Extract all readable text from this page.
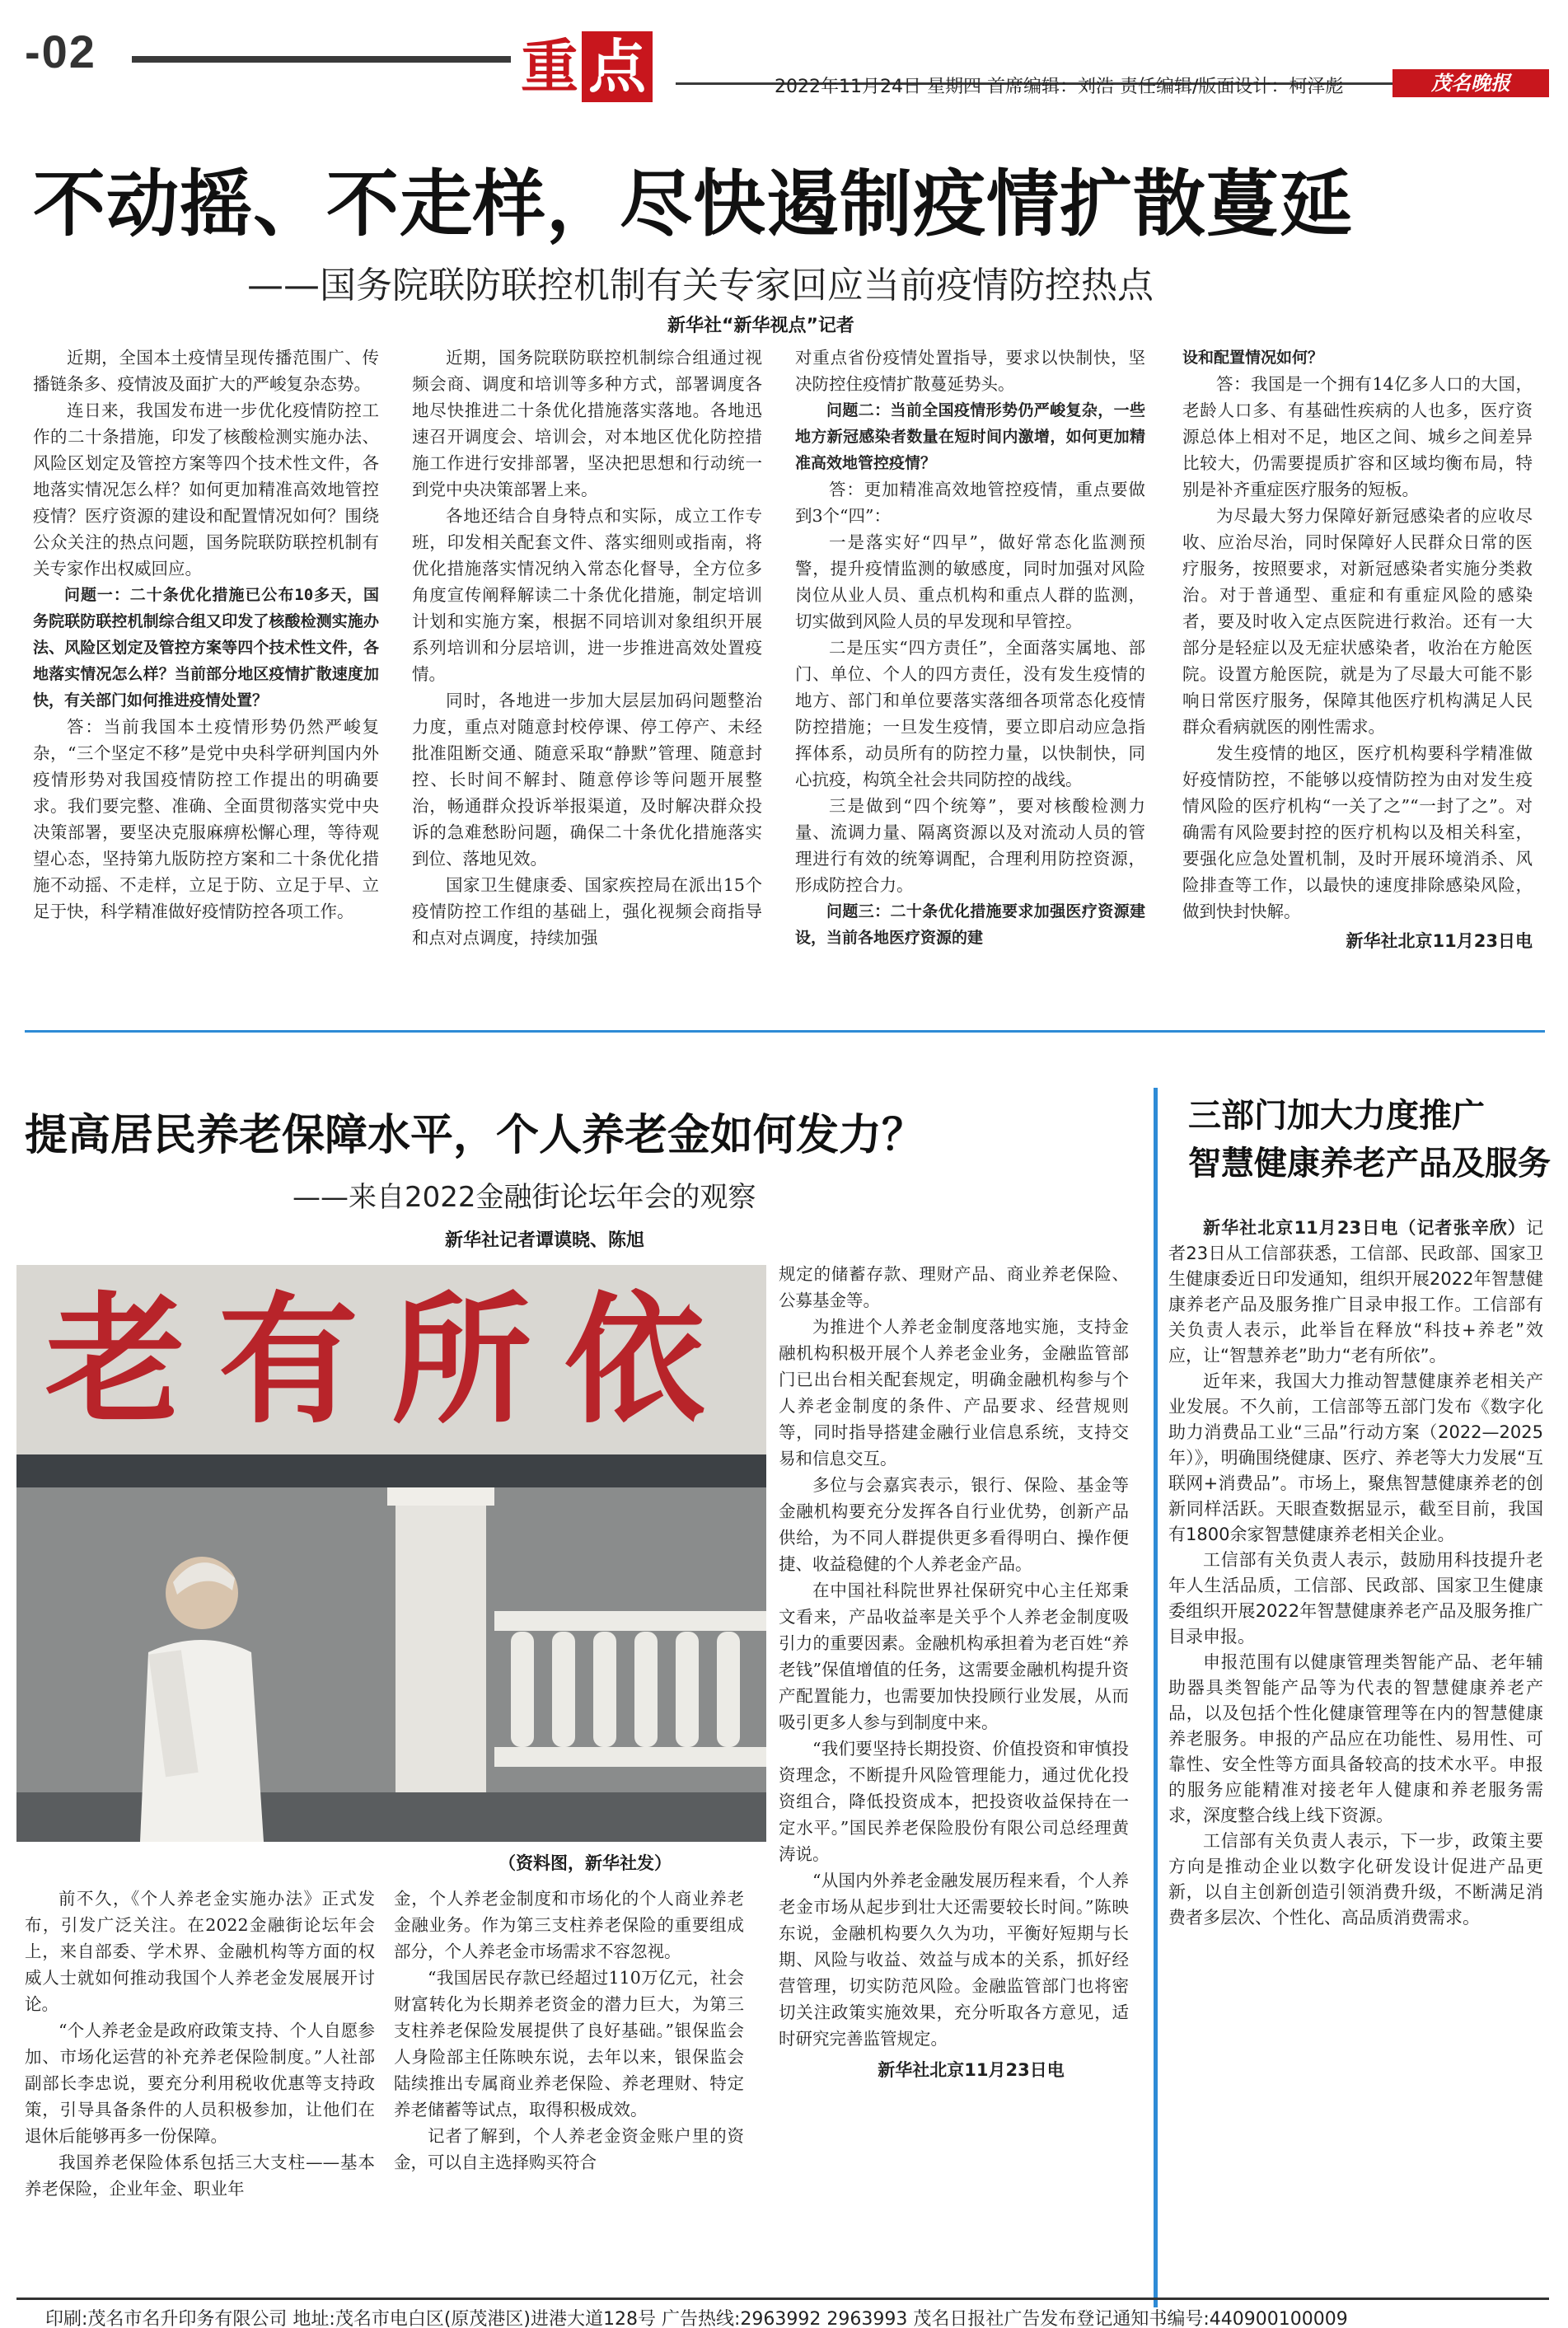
-02	重 点	2022年11月24日 星期四 首席编辑：刘浩 责任编辑/版面设计：柯泽彪	茂名晚报
不动摇、不走样，尽快遏制疫情扩散蔓延
——国务院联防联控机制有关专家回应当前疫情防控热点
新华社“新华视点”记者

近期，全国本土疫情呈现传播范围广、传播链条多、疫情波及面扩大的严峻复杂态势。

连日来，我国发布进一步优化疫情防控工作的二十条措施，印发了核酸检测实施办法、风险区划定及管控方案等四个技术性文件，各地落实情况怎么样？如何更加精准高效地管控疫情？医疗资源的建设和配置情况如何？围绕公众关注的热点问题，国务院联防联控机制有关专家作出权威回应。

问题一：二十条优化措施已公布10多天，国务院联防联控机制综合组又印发了核酸检测实施办法、风险区划定及管控方案等四个技术性文件，各地落实情况怎么样？当前部分地区疫情扩散速度加快，有关部门如何推进疫情处置？

答：当前我国本土疫情形势仍然严峻复杂，“三个坚定不移”是党中央科学研判国内外疫情形势对我国疫情防控工作提出的明确要求。我们要完整、准确、全面贯彻落实党中央决策部署，要坚决克服麻痹松懈心理，等待观望心态，坚持第九版防控方案和二十条优化措施不动摇、不走样，立足于防、立足于早、立足于快，科学精准做好疫情防控各项工作。

近期，国务院联防联控机制综合组通过视频会商、调度和培训等多种方式，部署调度各地尽快推进二十条优化措施落实落地。各地迅速召开调度会、培训会，对本地区优化防控措施工作进行安排部署，坚决把思想和行动统一到党中央决策部署上来。

各地还结合自身特点和实际，成立工作专班，印发相关配套文件、落实细则或指南，将优化措施落实情况纳入常态化督导，全方位多角度宣传阐释解读二十条优化措施，制定培训计划和实施方案，根据不同培训对象组织开展系列培训和分层培训，进一步推进高效处置疫情。

同时，各地进一步加大层层加码问题整治力度，重点对随意封校停课、停工停产、未经批准阻断交通、随意采取“静默”管理、随意封控、长时间不解封、随意停诊等问题开展整治，畅通群众投诉举报渠道，及时解决群众投诉的急难愁盼问题，确保二十条优化措施落实到位、落地见效。

国家卫生健康委、国家疾控局在派出15个疫情防控工作组的基础上，强化视频会商指导和点对点调度，持续加强

对重点省份疫情处置指导，要求以快制快，坚决防控住疫情扩散蔓延势头。

问题二：当前全国疫情形势仍严峻复杂，一些地方新冠感染者数量在短时间内激增，如何更加精准高效地管控疫情？

答：更加精准高效地管控疫情，重点要做到3个“四”：

一是落实好“四早”，做好常态化监测预警，提升疫情监测的敏感度，同时加强对风险岗位从业人员、重点机构和重点人群的监测，切实做到风险人员的早发现和早管控。

二是压实“四方责任”，全面落实属地、部门、单位、个人的四方责任，没有发生疫情的地方、部门和单位要落实落细各项常态化疫情防控措施；一旦发生疫情，要立即启动应急指挥体系，动员所有的防控力量，以快制快，同心抗疫，构筑全社会共同防控的战线。

三是做到“四个统筹”，要对核酸检测力量、流调力量、隔离资源以及对流动人员的管理进行有效的统筹调配，合理利用防控资源，形成防控合力。

问题三：二十条优化措施要求加强医疗资源建设，当前各地医疗资源的建

设和配置情况如何？

答：我国是一个拥有14亿多人口的大国，老龄人口多、有基础性疾病的人也多，医疗资源总体上相对不足，地区之间、城乡之间差异比较大，仍需要提质扩容和区域均衡布局，特别是补齐重症医疗服务的短板。

为尽最大努力保障好新冠感染者的应收尽收、应治尽治，同时保障好人民群众日常的医疗服务，按照要求，对新冠感染者实施分类救治。对于普通型、重症和有重症风险的感染者，要及时收入定点医院进行救治。还有一大部分是轻症以及无症状感染者，收治在方舱医院。设置方舱医院，就是为了尽最大可能不影响日常医疗服务，保障其他医疗机构满足人民群众看病就医的刚性需求。

发生疫情的地区，医疗机构要科学精准做好疫情防控，不能够以疫情防控为由对发生疫情风险的医疗机构“一关了之”“一封了之”。对确需有风险要封控的医疗机构以及相关科室，要强化应急处置机制，及时开展环境消杀、风险排查等工作，以最快的速度排除感染风险，做到快封快解。

新华社北京11月23日电

提高居民养老保障水平，个人养老金如何发力？
——来自2022金融街论坛年会的观察
新华社记者谭谟晓、陈旭
老有所依
（资料图，新华社发）

前不久，《个人养老金实施办法》正式发布，引发广泛关注。在2022金融街论坛年会上，来自部委、学术界、金融机构等方面的权威人士就如何推动我国个人养老金发展展开讨论。

“个人养老金是政府政策支持、个人自愿参加、市场化运营的补充养老保险制度。”人社部副部长李忠说，要充分利用税收优惠等支持政策，引导具备条件的人员积极参加，让他们在退休后能够再多一份保障。

我国养老保险体系包括三大支柱——基本养老保险，企业年金、职业年

金，个人养老金制度和市场化的个人商业养老金融业务。作为第三支柱养老保险的重要组成部分，个人养老金市场需求不容忽视。

“我国居民存款已经超过110万亿元，社会财富转化为长期养老资金的潜力巨大，为第三支柱养老保险发展提供了良好基础。”银保监会人身险部主任陈映东说，去年以来，银保监会陆续推出专属商业养老保险、养老理财、特定养老储蓄等试点，取得积极成效。

记者了解到，个人养老金资金账户里的资金，可以自主选择购买符合

规定的储蓄存款、理财产品、商业养老保险、公募基金等。

为推进个人养老金制度落地实施，支持金融机构积极开展个人养老金业务，金融监管部门已出台相关配套规定，明确金融机构参与个人养老金制度的条件、产品要求、经营规则等，同时指导搭建金融行业信息系统，支持交易和信息交互。

多位与会嘉宾表示，银行、保险、基金等金融机构要充分发挥各自行业优势，创新产品供给，为不同人群提供更多看得明白、操作便捷、收益稳健的个人养老金产品。

在中国社科院世界社保研究中心主任郑秉文看来，产品收益率是关乎个人养老金制度吸引力的重要因素。金融机构承担着为老百姓“养老钱”保值增值的任务，这需要金融机构提升资产配置能力，也需要加快投顾行业发展，从而吸引更多人参与到制度中来。

“我们要坚持长期投资、价值投资和审慎投资理念，不断提升风险管理能力，通过优化投资组合，降低投资成本，把投资收益保持在一定水平。”国民养老保险股份有限公司总经理黄涛说。

“从国内外养老金融发展历程来看，个人养老金市场从起步到壮大还需要较长时间。”陈映东说，金融机构要久久为功，平衡好短期与长期、风险与收益、效益与成本的关系，抓好经营管理，切实防范风险。金融监管部门也将密切关注政策实施效果，充分听取各方意见，适时研究完善监管规定。

新华社北京11月23日电

三部门加大力度推广
智慧健康养老产品及服务

新华社北京11月23日电（记者张辛欣）记者23日从工信部获悉，工信部、民政部、国家卫生健康委近日印发通知，组织开展2022年智慧健康养老产品及服务推广目录申报工作。工信部有关负责人表示，此举旨在释放“科技+养老”效应，让“智慧养老”助力“老有所依”。

近年来，我国大力推动智慧健康养老相关产业发展。不久前，工信部等五部门发布《数字化助力消费品工业“三品”行动方案（2022—2025年）》，明确围绕健康、医疗、养老等大力发展“互联网+消费品”。市场上，聚焦智慧健康养老的创新同样活跃。天眼查数据显示，截至目前，我国有1800余家智慧健康养老相关企业。

工信部有关负责人表示，鼓励用科技提升老年人生活品质，工信部、民政部、国家卫生健康委组织开展2022年智慧健康养老产品及服务推广目录申报。

申报范围有以健康管理类智能产品、老年辅助器具类智能产品等为代表的智慧健康养老产品，以及包括个性化健康管理等在内的智慧健康养老服务。申报的产品应在功能性、易用性、可靠性、安全性等方面具备较高的技术水平。申报的服务应能精准对接老年人健康和养老服务需求，深度整合线上线下资源。

工信部有关负责人表示，下一步，政策主要方向是推动企业以数字化研发设计促进产品更新，以自主创新创造引领消费升级，不断满足消费者多层次、个性化、高品质消费需求。

印刷:茂名市名升印务有限公司 地址:茂名市电白区(原茂港区)进港大道128号 广告热线:2963992 2963993 茂名日报社广告发布登记通知书编号:440900100009
